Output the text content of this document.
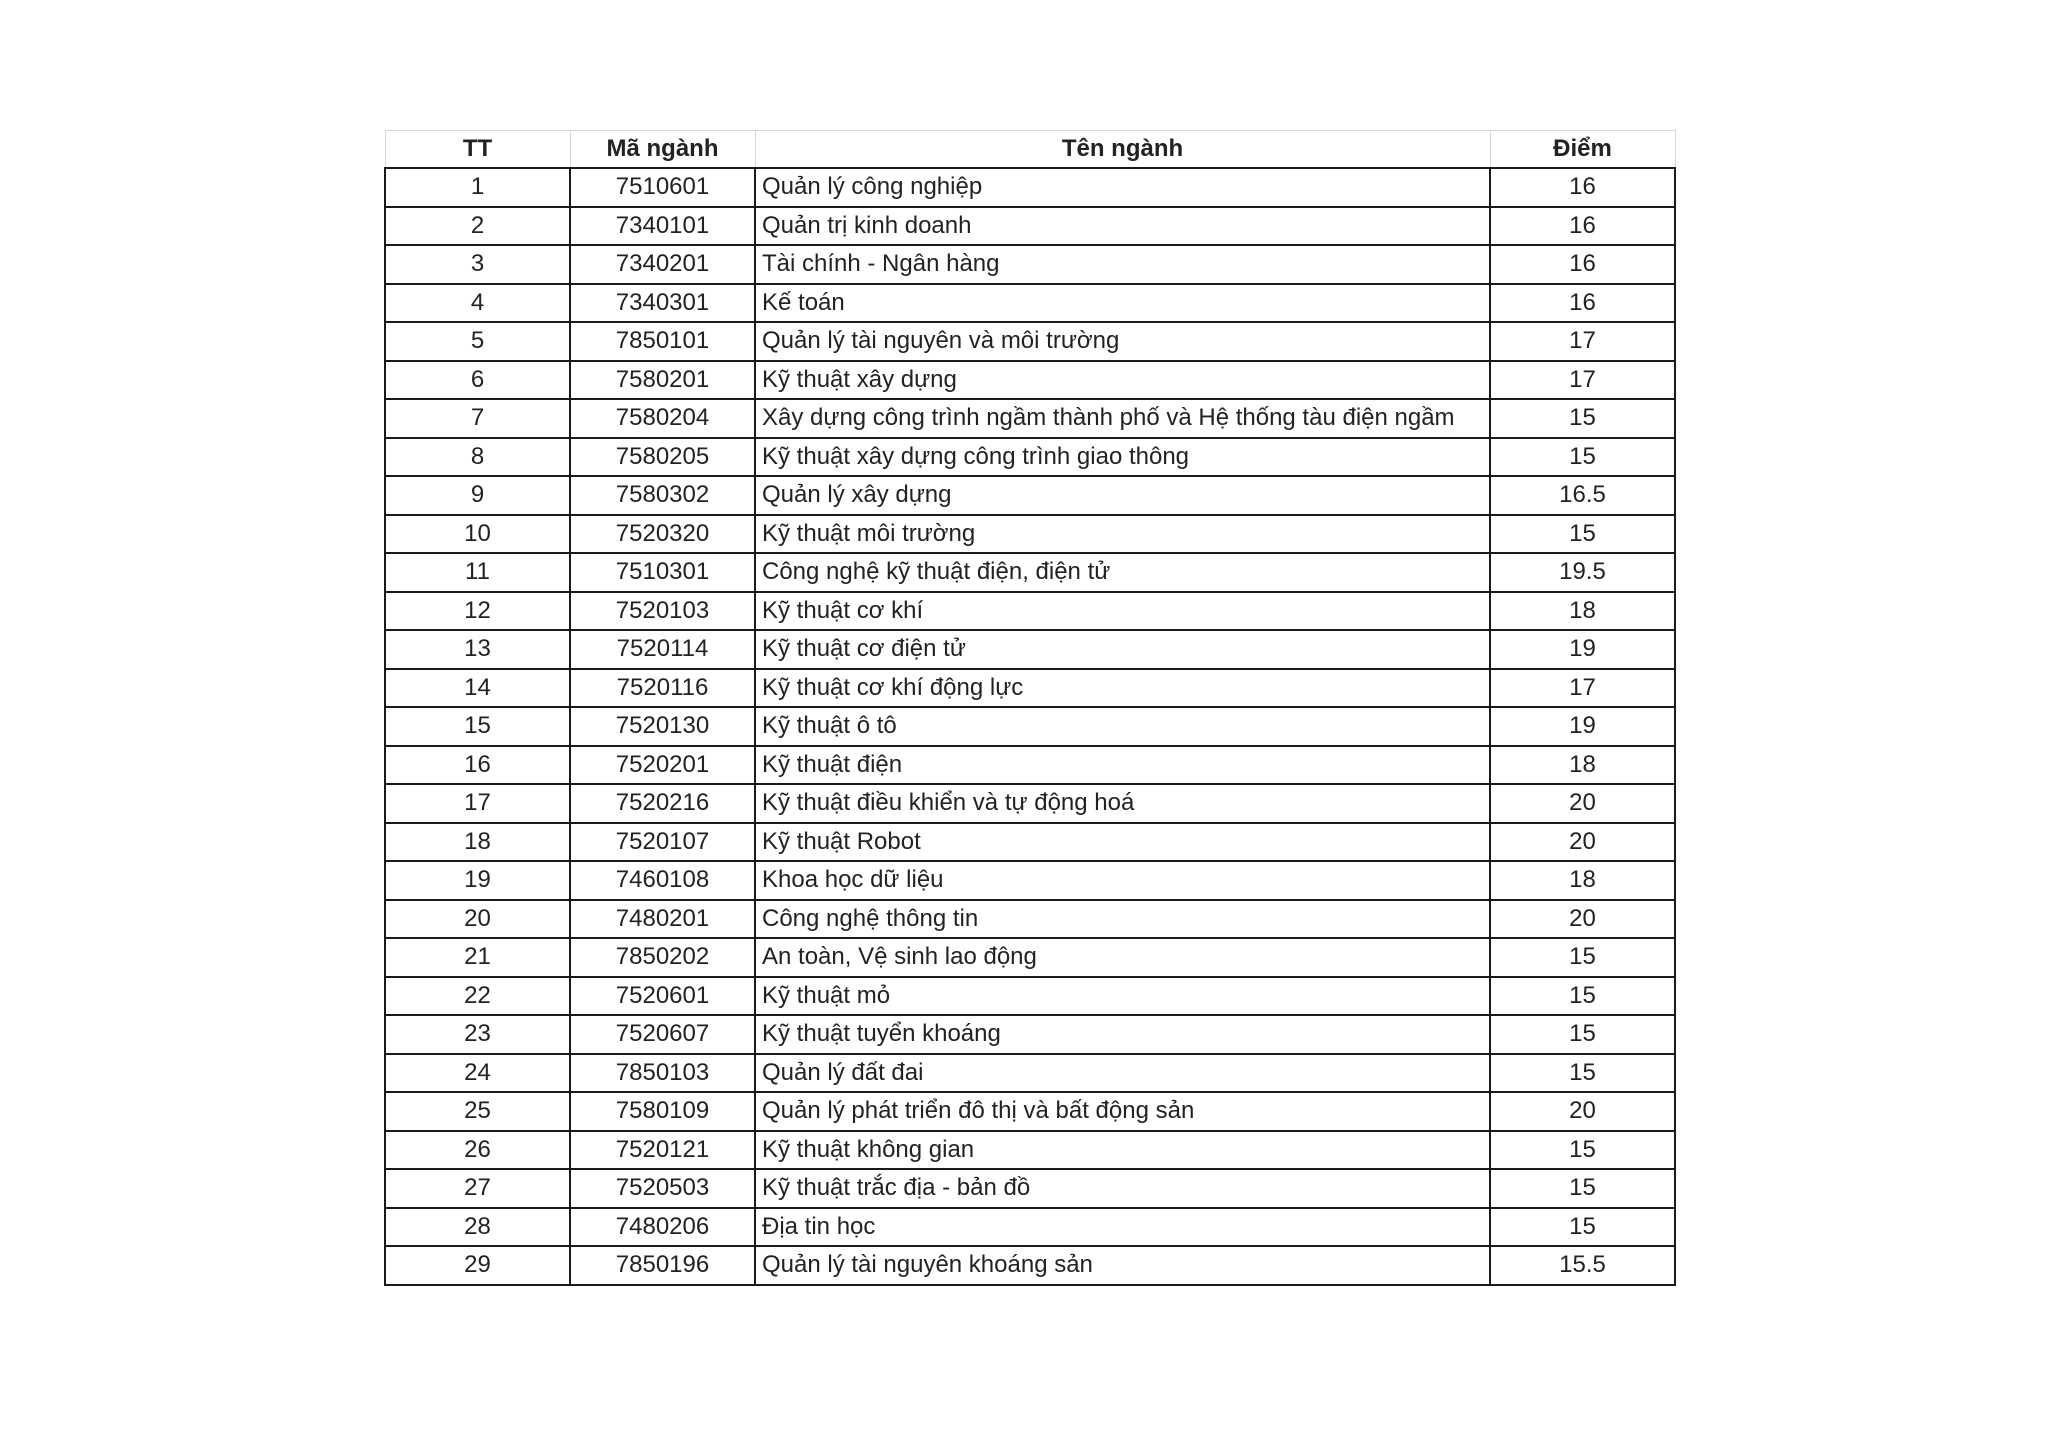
TT	Mã ngành	Tên ngành	Điểm
1	7510601	Quản lý công nghiệp	16
2	7340101	Quản trị kinh doanh	16
3	7340201	Tài chính - Ngân hàng	16
4	7340301	Kế toán	16
5	7850101	Quản lý tài nguyên và môi trường	17
6	7580201	Kỹ thuật xây dựng	17
7	7580204	Xây dựng công trình ngầm thành phố và Hệ thống tàu điện ngầm	15
8	7580205	Kỹ thuật xây dựng công trình giao thông	15
9	7580302	Quản lý xây dựng	16.5
10	7520320	Kỹ thuật môi trường	15
11	7510301	Công nghệ kỹ thuật điện, điện tử	19.5
12	7520103	Kỹ thuật cơ khí	18
13	7520114	Kỹ thuật cơ điện tử	19
14	7520116	Kỹ thuật cơ khí động lực	17
15	7520130	Kỹ thuật ô tô	19
16	7520201	Kỹ thuật điện	18
17	7520216	Kỹ thuật điều khiển và tự động hoá	20
18	7520107	Kỹ thuật Robot	20
19	7460108	Khoa học dữ liệu	18
20	7480201	Công nghệ thông tin	20
21	7850202	An toàn, Vệ sinh lao động	15
22	7520601	Kỹ thuật mỏ	15
23	7520607	Kỹ thuật tuyển khoáng	15
24	7850103	Quản lý đất đai	15
25	7580109	Quản lý phát triển đô thị và bất động sản	20
26	7520121	Kỹ thuật không gian	15
27	7520503	Kỹ thuật trắc địa - bản đồ	15
28	7480206	Địa tin học	15
29	7850196	Quản lý tài nguyên khoáng sản	15.5
